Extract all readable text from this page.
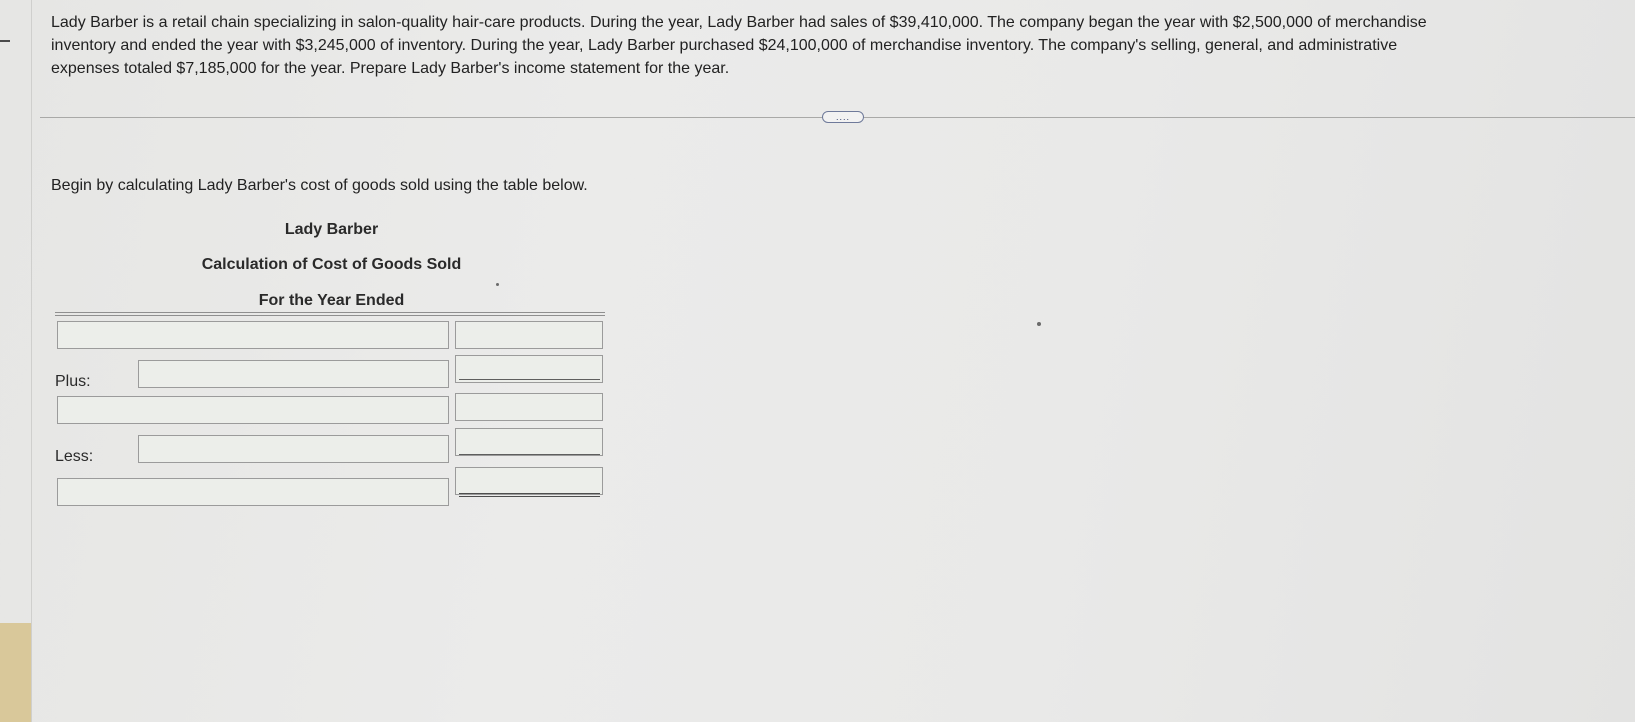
Lady Barber is a retail chain specializing in salon-quality hair-care products. During the year, Lady Barber had sales of $39,410,000. The company began the year with $2,500,000 of merchandise
inventory and ended the year with $3,245,000 of inventory. During the year, Lady Barber purchased $24,100,000 of merchandise inventory. The company's selling, general, and administrative
expenses totaled $7,185,000 for the year. Prepare Lady Barber's income statement for the year.
....
Begin by calculating Lady Barber's cost of goods sold using the table below.
Lady Barber
Calculation of Cost of Goods Sold
For the Year Ended
Plus:
Less:
